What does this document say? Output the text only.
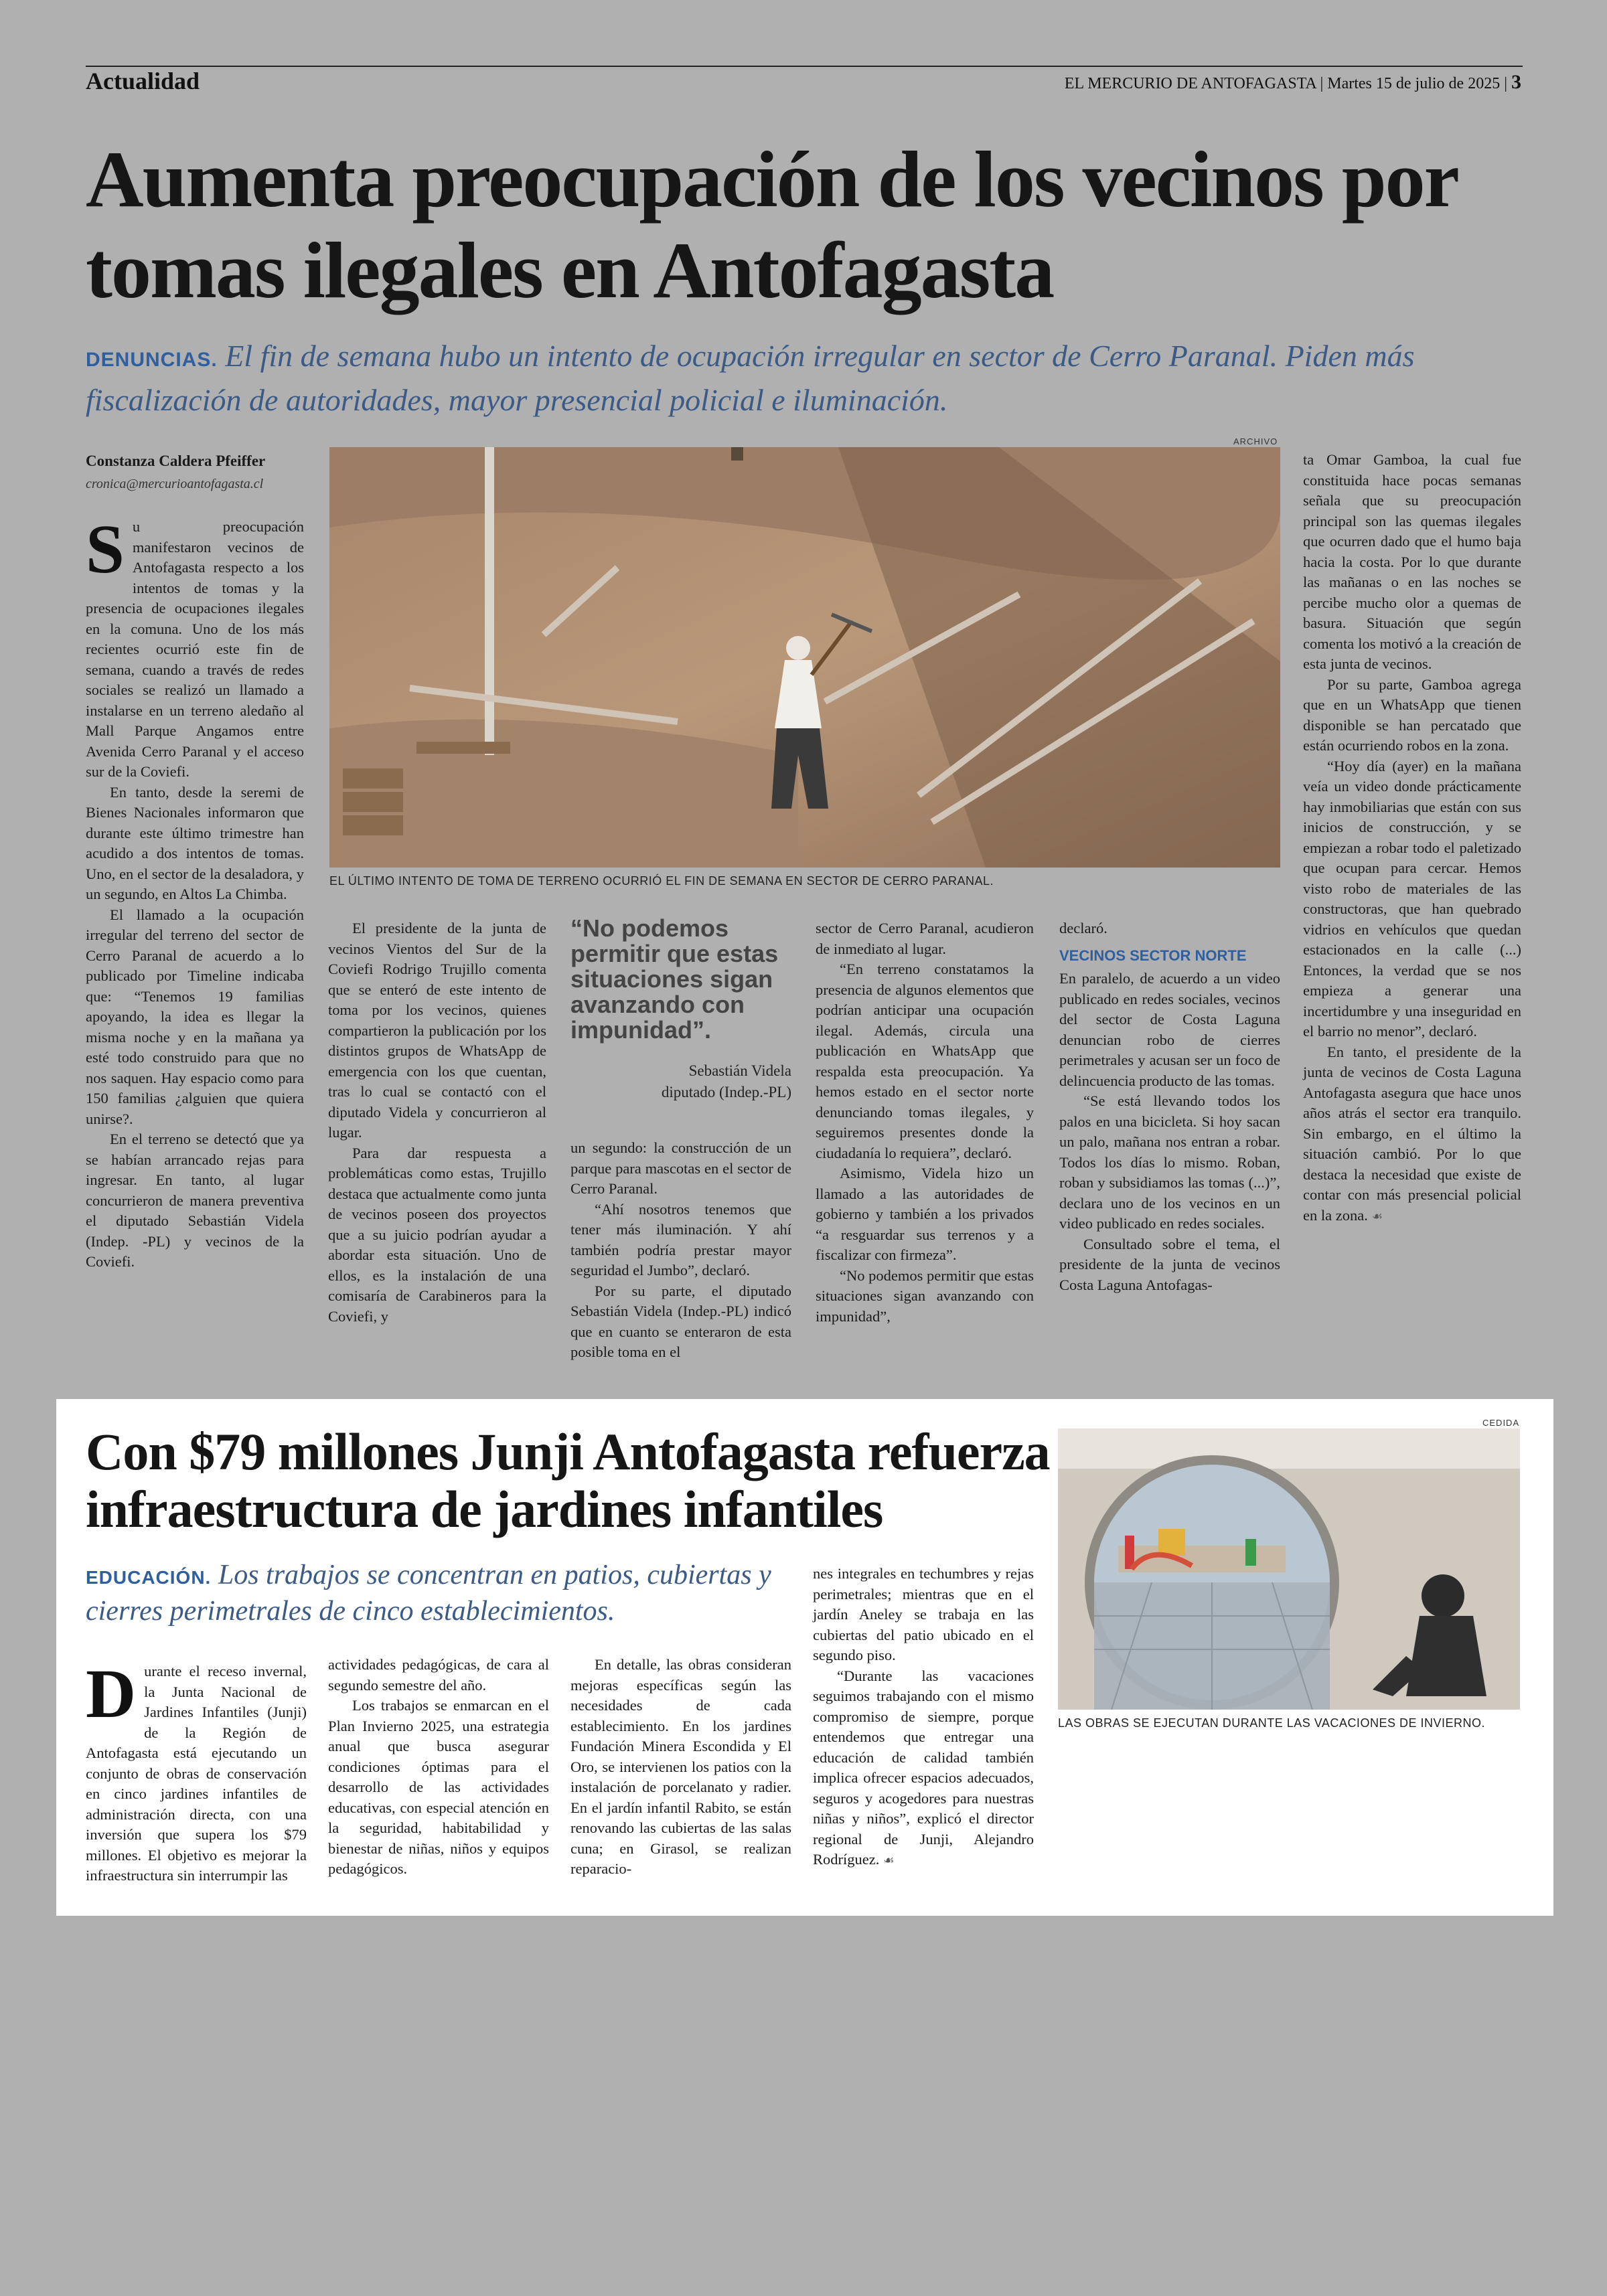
Actualidad	EL MERCURIO DE ANTOFAGASTA | Martes 15 de julio de 2025 | 3
Aumenta preocupación de los vecinos por tomas ilegales en Antofagasta
DENUNCIAS. El fin de semana hubo un intento de ocupación irregular en sector de Cerro Paranal. Piden más fiscalización de autoridades, mayor presencial policial e iluminación.
Constanza Caldera Pfeiffer
cronica@mercurioantofagasta.cl
ARCHIVO
EL ÚLTIMO INTENTO DE TOMA DE TERRENO OCURRIÓ EL FIN DE SEMANA EN SECTOR DE CERRO PARANAL.

Su preocupación manifestaron vecinos de Antofagasta respecto a los intentos de tomas y la presencia de ocupaciones ilegales en la comuna. Uno de los más recientes ocurrió este fin de semana, cuando a través de redes sociales se realizó un llamado a instalarse en un terreno aledaño al Mall Parque Angamos entre Avenida Cerro Paranal y el acceso sur de la Coviefi.

En tanto, desde la seremi de Bienes Nacionales informaron que durante este último trimestre han acudido a dos intentos de tomas. Uno, en el sector de la desaladora, y un segundo, en Altos La Chimba.

El llamado a la ocupación irregular del terreno del sector de Cerro Paranal de acuerdo a lo publicado por Timeline indicaba que: “Tenemos 19 familias apoyando, la idea es llegar la misma noche y en la mañana ya esté todo construido para que no nos saquen. Hay espacio como para 150 familias ¿alguien que quiera unirse?.

En el terreno se detectó que ya se habían arrancado rejas para ingresar. En tanto, al lugar concurrieron de manera preventiva el diputado Sebastián Videla (Indep. -PL) y vecinos de la Coviefi.

El presidente de la junta de vecinos Vientos del Sur de la Coviefi Rodrigo Trujillo comenta que se enteró de este intento de toma por los vecinos, quienes compartieron la publicación por los distintos grupos de WhatsApp de emergencia con los que cuentan, tras lo cual se contactó con el diputado Videla y concurrieron al lugar.

Para dar respuesta a problemáticas como estas, Trujillo destaca que actualmente como junta de vecinos poseen dos proyectos que a su juicio podrían ayudar a abordar esta situación. Uno de ellos, es la instalación de una comisaría de Carabineros para la Coviefi, y

“No podemos permitir que estas situaciones sigan avanzando con impunidad”.
Sebastián Videla
diputado (Indep.-PL)

un segundo: la construcción de un parque para mascotas en el sector de Cerro Paranal.

“Ahí nosotros tenemos que tener más iluminación. Y ahí también podría prestar mayor seguridad el Jumbo”, declaró.

Por su parte, el diputado Sebastián Videla (Indep.-PL) indicó que en cuanto se enteraron de esta posible toma en el

sector de Cerro Paranal, acudieron de inmediato al lugar.

“En terreno constatamos la presencia de algunos elementos que podrían anticipar una ocupación ilegal. Además, circula una publicación en WhatsApp que respalda esta preocupación. Ya hemos estado en el sector norte denunciando tomas ilegales, y seguiremos presentes donde la ciudadanía lo requiera”, declaró.

Asimismo, Videla hizo un llamado a las autoridades de gobierno y también a los privados “a resguardar sus terrenos y a fiscalizar con firmeza”.

“No podemos permitir que estas situaciones sigan avanzando con impunidad”,

declaró.

VECINOS SECTOR NORTE

En paralelo, de acuerdo a un video publicado en redes sociales, vecinos del sector de Costa Laguna denuncian robo de cierres perimetrales y acusan ser un foco de delincuencia producto de las tomas.

“Se está llevando todos los palos en una bicicleta. Si hoy sacan un palo, mañana nos entran a robar. Todos los días lo mismo. Roban, roban y subsidiamos las tomas (...)”, declara uno de los vecinos en un video publicado en redes sociales.

Consultado sobre el tema, el presidente de la junta de vecinos Costa Laguna Antofagas-

ta Omar Gamboa, la cual fue constituida hace pocas semanas señala que su preocupación principal son las quemas ilegales que ocurren dado que el humo baja hacia la costa. Por lo que durante las mañanas o en las noches se percibe mucho olor a quemas de basura. Situación que según comenta los motivó a la creación de esta junta de vecinos.

Por su parte, Gamboa agrega que en un WhatsApp que tienen disponible se han percatado que están ocurriendo robos en la zona.

“Hoy día (ayer) en la mañana veía un video donde prácticamente hay inmobiliarias que están con sus inicios de construcción, y se empiezan a robar todo el paletizado que ocupan para cercar. Hemos visto robo de materiales de las constructoras, que han quebrado vidrios en vehículos que quedan estacionados en la calle (...) Entonces, la verdad que se nos empieza a generar una incertidumbre y una inseguridad en el barrio no menor”, declaró.

En tanto, el presidente de la junta de vecinos de Costa Laguna Antofagasta asegura que hace unos años atrás el sector era tranquilo. Sin embargo, en el último la situación cambió. Por lo que destaca la necesidad que existe de contar con más presencial policial en la zona. ☙

Con $79 millones Junji Antofagasta refuerza infraestructura de jardines infantiles
EDUCACIÓN. Los trabajos se concentran en patios, cubiertas y cierres perimetrales de cinco establecimientos.

Durante el receso invernal, la Junta Nacional de Jardines Infantiles (Junji) de la Región de Antofagasta está ejecutando un conjunto de obras de conservación en cinco jardines infantiles de administración directa, con una inversión que supera los $79 millones. El objetivo es mejorar la infraestructura sin interrumpir las

actividades pedagógicas, de cara al segundo semestre del año.

Los trabajos se enmarcan en el Plan Invierno 2025, una estrategia anual que busca asegurar condiciones óptimas para el desarrollo de las actividades educativas, con especial atención en la seguridad, habitabilidad y bienestar de niñas, niños y equipos pedagógicos.

En detalle, las obras consideran mejoras específicas según las necesidades de cada establecimiento. En los jardines Fundación Minera Escondida y El Oro, se intervienen los patios con la instalación de porcelanato y radier. En el jardín infantil Rabito, se están renovando las cubiertas de las salas cuna; en Girasol, se realizan reparacio-

nes integrales en techumbres y rejas perimetrales; mientras que en el jardín Aneley se trabaja en las cubiertas del patio ubicado en el segundo piso.

“Durante las vacaciones seguimos trabajando con el mismo compromiso de siempre, porque entendemos que entregar una educación de calidad también implica ofrecer espacios adecuados, seguros y acogedores para nuestras niñas y niños”, explicó el director regional de Junji, Alejandro Rodríguez. ☙

CEDIDA
LAS OBRAS SE EJECUTAN DURANTE LAS VACACIONES DE INVIERNO.
